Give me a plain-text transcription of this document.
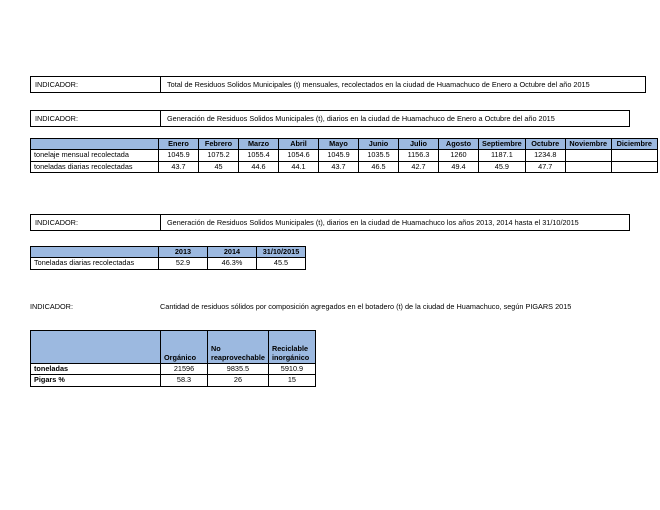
INDICADOR:	Total de Residuos Solidos Municipales (t) mensuales, recolectados en la ciudad de Huamachuco de Enero a Octubre del año 2015
INDICADOR:	Generación de Residuos Solidos Municipales (t), diarios en la ciudad de Huamachuco de Enero a Octubre del año 2015
	Enero	Febrero	Marzo	Abril	Mayo	Junio	Julio	Agosto	Septiembre	Octubre	Noviembre	Diciembre
tonelaje mensual recolectada	1045.9	1075.2	1055.4	1054.6	1045.9	1035.5	1156.3	1260	1187.1	1234.8		
toneladas diarias recolectadas	43.7	45	44.6	44.1	43.7	46.5	42.7	49.4	45.9	47.7		
INDICADOR:	Generación de Residuos Solidos Municipales (t), diarios en la ciudad de Huamachuco los años 2013, 2014 hasta el 31/10/2015
	2013	2014	31/10/2015
Toneladas diarias recolectadas	52.9	46.3%	45.5
INDICADOR:	Cantidad de residuos sólidos por composición agregados en el botadero (t) de la ciudad de Huamachuco, según PIGARS 2015
	Orgánico	No reaprovechable	Reciclable inorgánico
toneladas	21596	9835.5	5910.9
Pigars %	58.3	26	15
